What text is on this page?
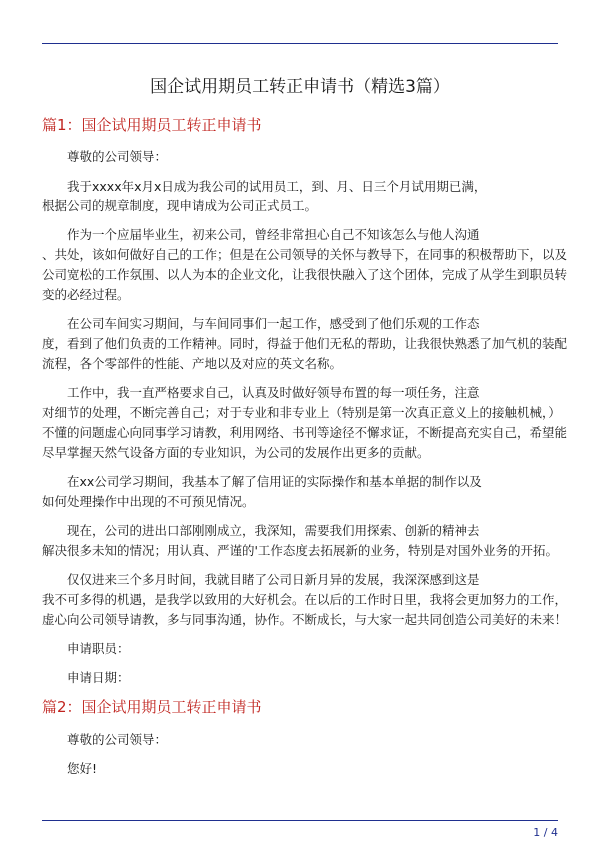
国企试用期员工转正申请书（精选3篇）
篇1：国企试用期员工转正申请书
尊敬的公司领导：
我于xxxx年x月x日成为我公司的试用员工，到、月、日三个月试用期已满，
根据公司的规章制度，现申请成为公司正式员工。
作为一个应届毕业生，初来公司，曾经非常担心自己不知该怎么与他人沟通
、共处，该如何做好自己的工作；但是在公司领导的关怀与教导下，在同事的积极帮助下，以及
公司宽松的工作氛围、以人为本的企业文化，让我很快融入了这个团体，完成了从学生到职员转
变的必经过程。
在公司车间实习期间，与车间同事们一起工作，感受到了他们乐观的工作态
度，看到了他们负责的工作精神。同时，得益于他们无私的帮助，让我很快熟悉了加气机的装配
流程，各个零部件的性能、产地以及对应的英文名称。
工作中，我一直严格要求自己，认真及时做好领导布置的每一项任务，注意
对细节的处理，不断完善自己；对于专业和非专业上（特别是第一次真正意义上的接触机械，）
不懂的问题虚心向同事学习请教，利用网络、书刊等途径不懈求证，不断提高充实自己，希望能
尽早掌握天然气设备方面的专业知识，为公司的发展作出更多的贡献。
在xx公司学习期间，我基本了解了信用证的实际操作和基本单据的制作以及
如何处理操作中出现的不可预见情况。
现在，公司的进出口部刚刚成立，我深知，需要我们用探索、创新的精神去
解决很多未知的情况；用认真、严谨的'工作态度去拓展新的业务，特别是对国外业务的开拓。
仅仅进来三个多月时间，我就目睹了公司日新月异的发展，我深深感到这是
我不可多得的机遇，是我学以致用的大好机会。在以后的工作时日里，我将会更加努力的工作，
虚心向公司领导请教，多与同事沟通，协作。不断成长，与大家一起共同创造公司美好的未来！
申请职员：
申请日期：
篇2：国企试用期员工转正申请书
尊敬的公司领导：
您好!
1 / 4
